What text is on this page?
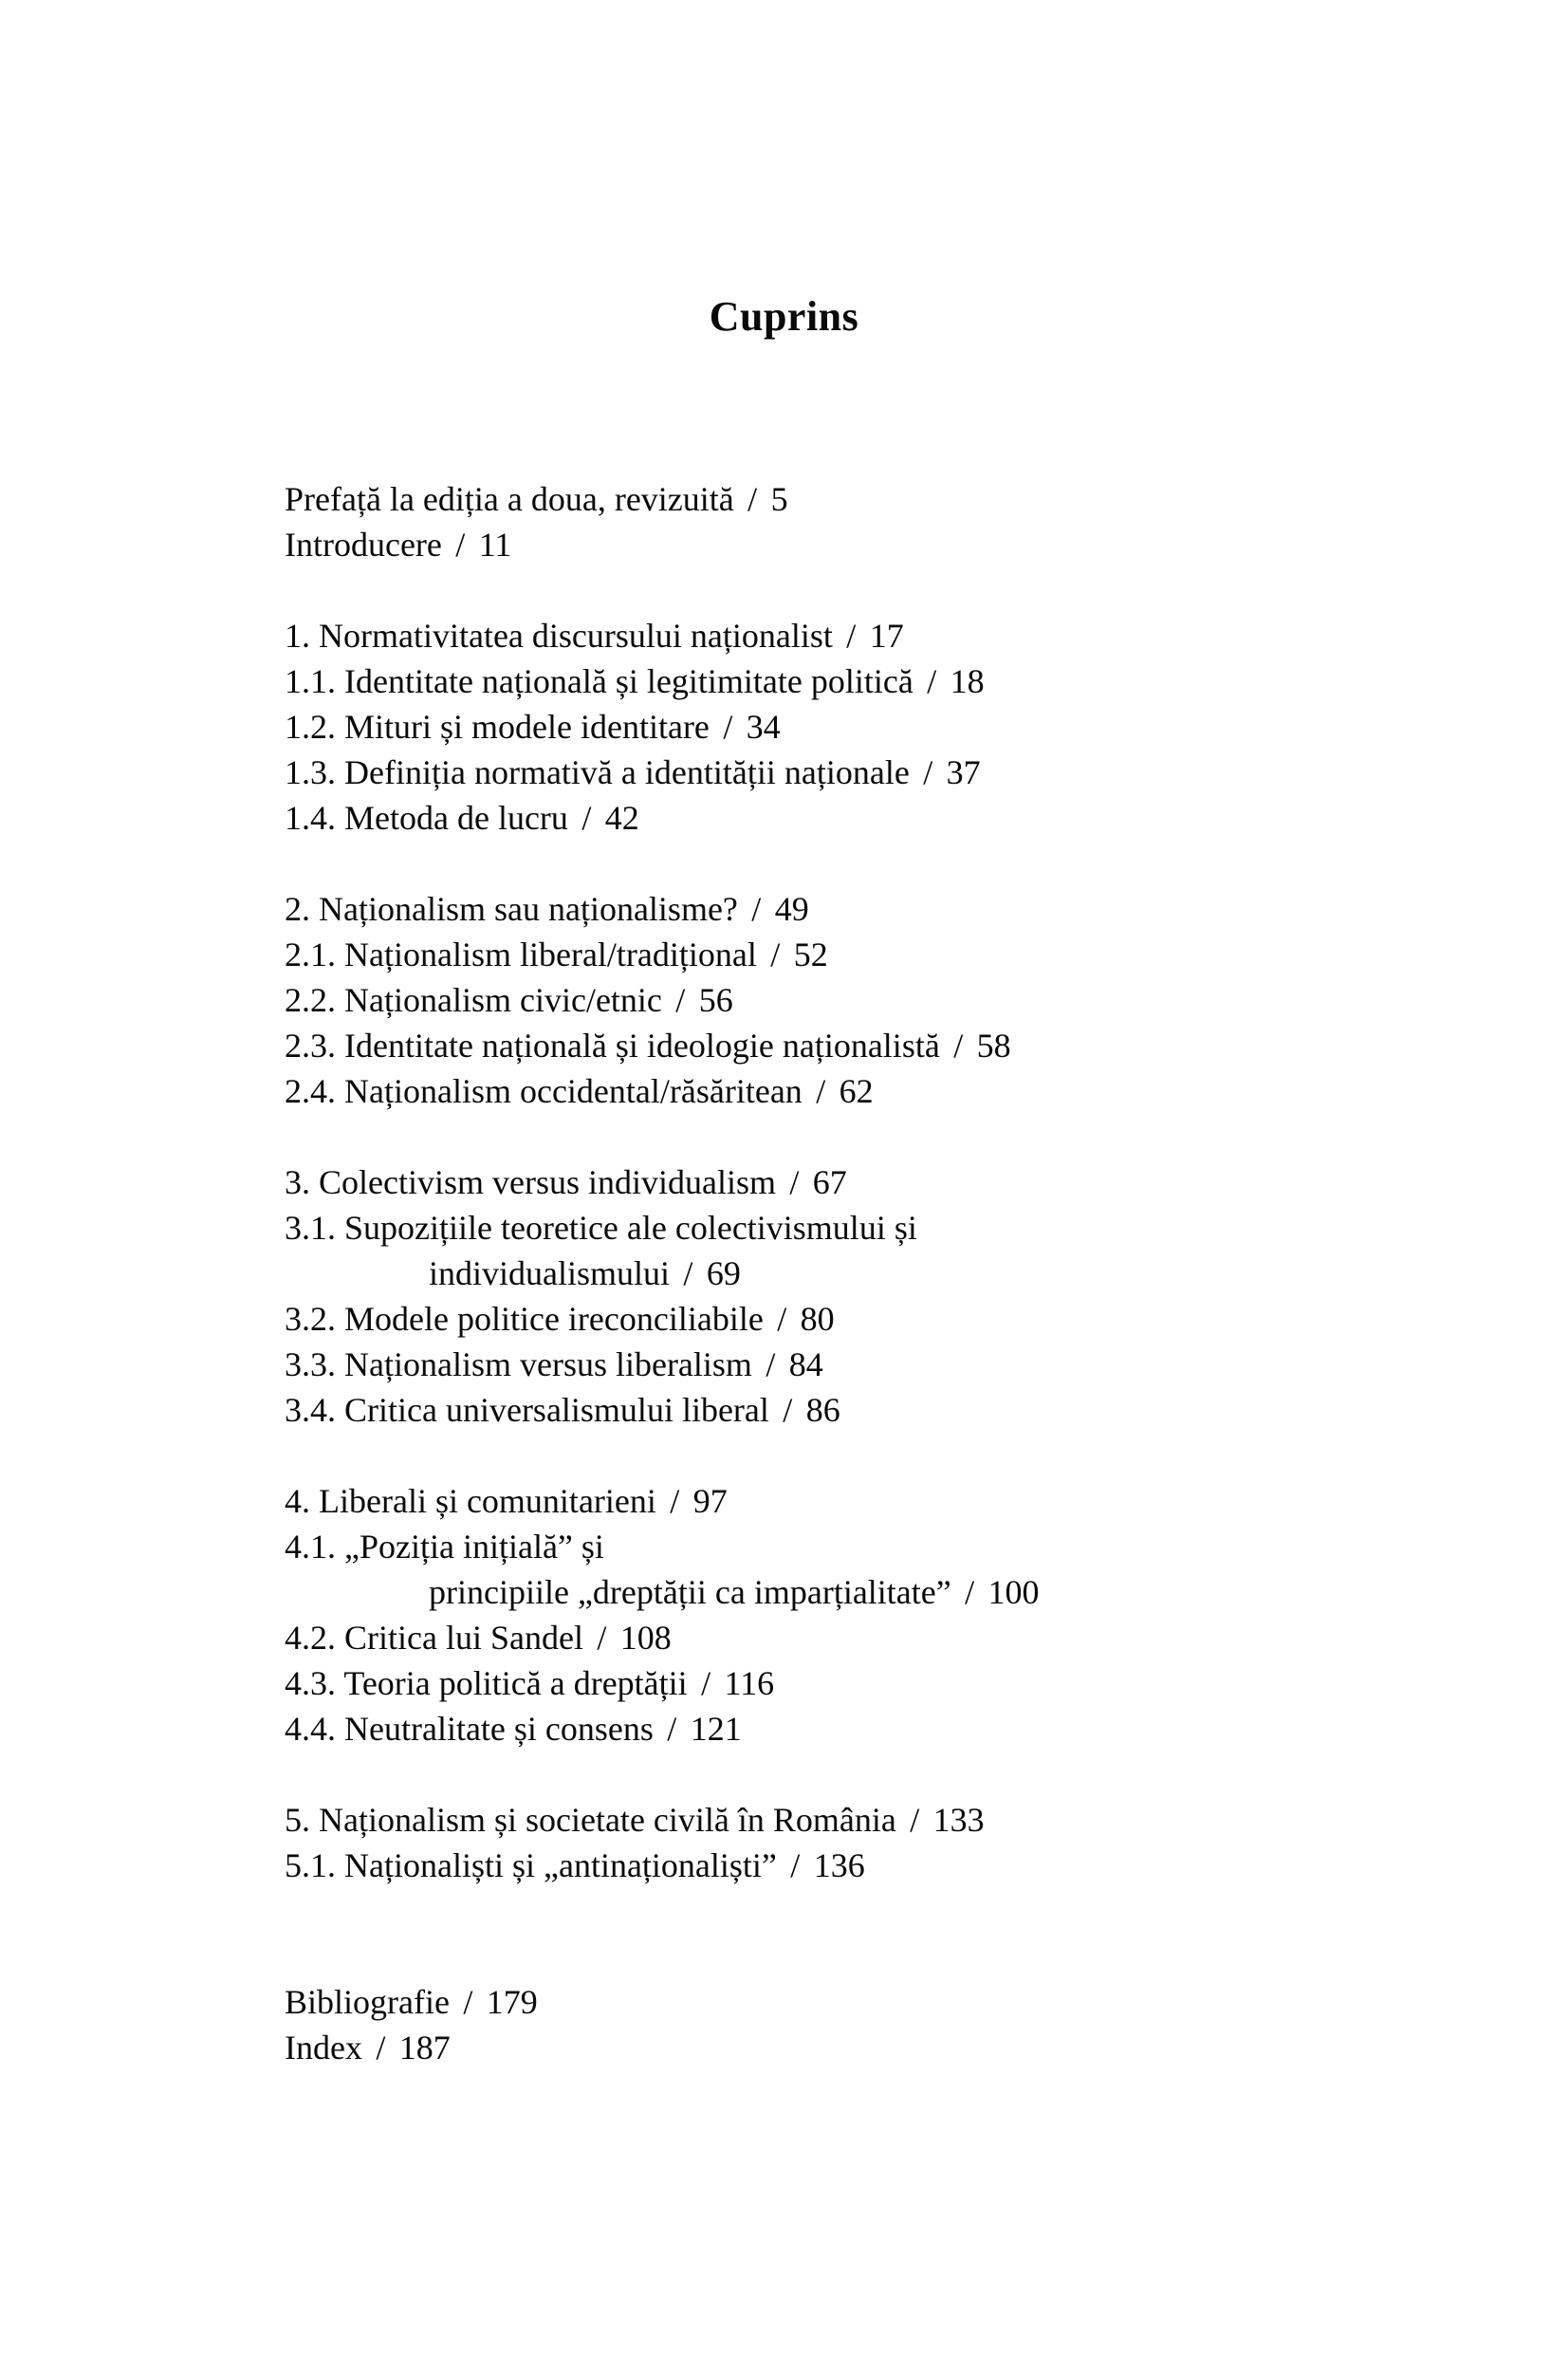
Cuprins

Prefață la ediția a doua, revizuită / 5

Introducere / 11

1. Normativitatea discursului naționalist / 17

1.1. Identitate națională și legitimitate politică / 18

1.2. Mituri și modele identitare / 34

1.3. Definiția normativă a identității naționale / 37

1.4. Metoda de lucru / 42

2. Naționalism sau naționalisme? / 49

2.1. Naționalism liberal/tradițional / 52

2.2. Naționalism civic/etnic / 56

2.3. Identitate națională și ideologie naționalistă / 58

2.4. Naționalism occidental/răsăritean / 62

3. Colectivism versus individualism / 67

3.1. Supozițiile teoretice ale colectivismului și

individualismului / 69

3.2. Modele politice ireconciliabile / 80

3.3. Naționalism versus liberalism / 84

3.4. Critica universalismului liberal / 86

4. Liberali și comunitarieni / 97

4.1. „Poziția inițială” și

principiile „dreptății ca imparțialitate” / 100

4.2. Critica lui Sandel / 108

4.3. Teoria politică a dreptății / 116

4.4. Neutralitate și consens / 121

5. Naționalism și societate civilă în România / 133

5.1. Naționaliști și „antinaționaliști” / 136

Bibliografie / 179

Index / 187
